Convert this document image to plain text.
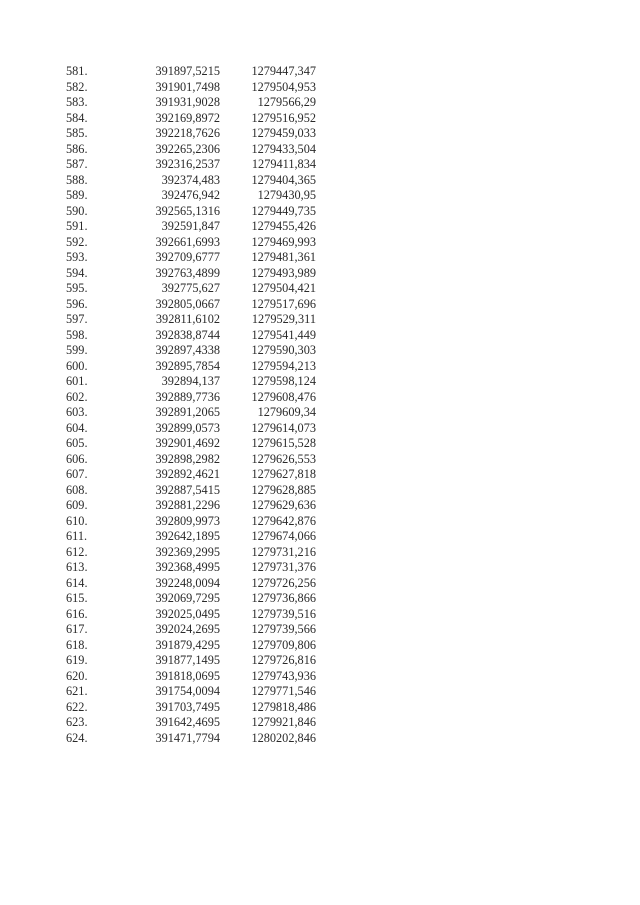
581.	391897,5215	1279447,347
582.	391901,7498	1279504,953
583.	391931,9028	1279566,29
584.	392169,8972	1279516,952
585.	392218,7626	1279459,033
586.	392265,2306	1279433,504
587.	392316,2537	1279411,834
588.	392374,483	1279404,365
589.	392476,942	1279430,95
590.	392565,1316	1279449,735
591.	392591,847	1279455,426
592.	392661,6993	1279469,993
593.	392709,6777	1279481,361
594.	392763,4899	1279493,989
595.	392775,627	1279504,421
596.	392805,0667	1279517,696
597.	392811,6102	1279529,311
598.	392838,8744	1279541,449
599.	392897,4338	1279590,303
600.	392895,7854	1279594,213
601.	392894,137	1279598,124
602.	392889,7736	1279608,476
603.	392891,2065	1279609,34
604.	392899,0573	1279614,073
605.	392901,4692	1279615,528
606.	392898,2982	1279626,553
607.	392892,4621	1279627,818
608.	392887,5415	1279628,885
609.	392881,2296	1279629,636
610.	392809,9973	1279642,876
611.	392642,1895	1279674,066
612.	392369,2995	1279731,216
613.	392368,4995	1279731,376
614.	392248,0094	1279726,256
615.	392069,7295	1279736,866
616.	392025,0495	1279739,516
617.	392024,2695	1279739,566
618.	391879,4295	1279709,806
619.	391877,1495	1279726,816
620.	391818,0695	1279743,936
621.	391754,0094	1279771,546
622.	391703,7495	1279818,486
623.	391642,4695	1279921,846
624.	391471,7794	1280202,846
